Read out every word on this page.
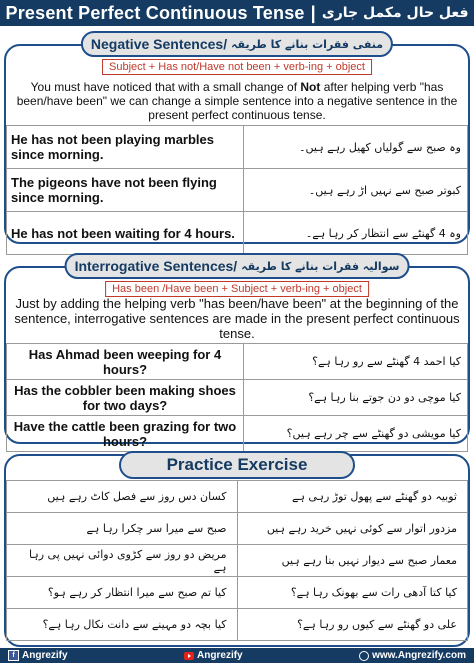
Present Perfect Continuous Tense | فعل حال مکمل جاری
Negative Sentences/ منفی فقرات بنانے کا طریقہ
Subject + Has not/Have not been + verb-ing + object
You must have noticed that with a small change of Not after helping verb "has been/have been" we can change a simple sentence into a negative sentence in the present perfect continuous tense.
He has not been playing marbles since morning.	وہ صبح سے گولیاں کھیل رہے ہیں۔
The pigeons have not been flying since morning.	کبوتر صبح سے نہیں اڑ رہے ہیں۔
He has not been waiting for 4 hours.	وہ 4 گھنٹے سے انتظار کر رہا ہے۔
Interrogative Sentences/ سوالیہ فقرات بنانے کا طریقہ
Has been /Have been + Subject + verb-ing + object
Just by adding the helping verb "has been/have been" at the beginning of the sentence, interrogative sentences are made in the present perfect continuous tense.
Has Ahmad been weeping for 4 hours?	کیا احمد 4 گھنٹے سے رو رہا ہے؟
Has the cobbler been making shoes for two days?	کیا موچی دو دن جوتے بنا رہا ہے؟
Have the cattle been grazing for two hours?	کیا مویشی دو گھنٹے سے چر رہے ہیں؟
Practice Exercise
کسان دس روز سے فصل کاٹ رہے ہیں	ثوبیہ دو گھنٹے سے پھول توڑ رہی ہے
صبح سے میرا سر چکرا رہا ہے	مزدور اتوار سے کوئی نہیں خرید رہے ہیں
مریض دو روز سے کڑوی دوائی نہیں پی رہا ہے	معمار صبح سے دیوار نہیں بنا رہے ہیں
کیا تم صبح سے میرا انتظار کر رہے ہو؟	کیا کتا آدھی رات سے بھونک رہا ہے؟
کیا بچہ دو مہینے سے دانت نکال رہا ہے؟	علی دو گھنٹے سے کیوں رو رہا ہے؟
f Angrezify	Angrezify	www.Angrezify.com
